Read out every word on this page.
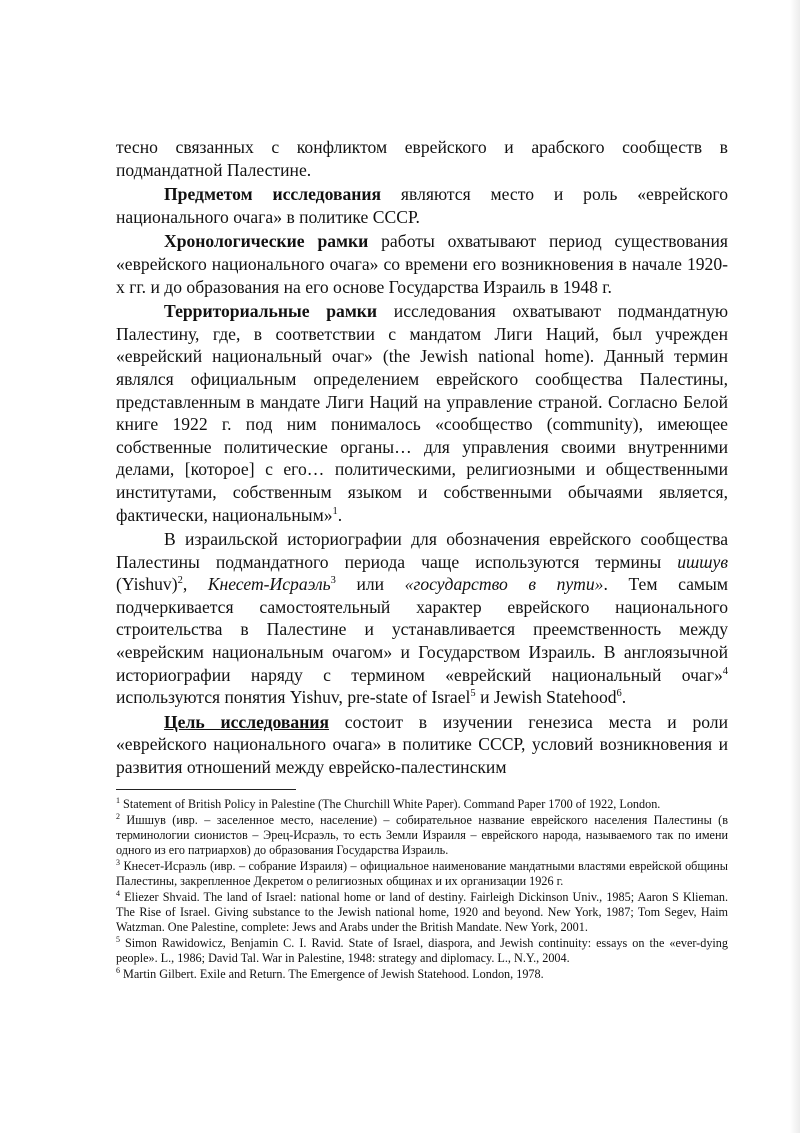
тесно связанных с конфликтом еврейского и арабского сообществ в подмандатной Палестине.

Предметом исследования являются место и роль «еврейского национального очага» в политике СССР.

Хронологические рамки работы охватывают период существования «еврейского национального очага» со времени его возникновения в начале 1920-х гг. и до образования на его основе Государства Израиль в 1948 г.

Территориальные рамки исследования охватывают подмандатную Палестину, где, в соответствии с мандатом Лиги Наций, был учрежден «еврейский национальный очаг» (the Jewish national home). Данный термин являлся официальным определением еврейского сообщества Палестины, представленным в мандате Лиги Наций на управление страной. Согласно Белой книге 1922 г. под ним понималось «сообщество (community), имеющее собственные политические органы… для управления своими внутренними делами, [которое] с его… политическими, религиозными и общественными институтами, собственным языком и собственными обычаями является, фактически, национальным»$^1$.

В израильской историографии для обозначения еврейского сообщества Палестины подмандатного периода чаще используются термины ишшув (Yishuv)$^2$, Кнесет-Исраэль$^3$ или «государство в пути». Тем самым подчеркивается самостоятельный характер еврейского национального строительства в Палестине и устанавливается преемственность между «еврейским национальным очагом» и Государством Израиль. В англоязычной историографии наряду с термином «еврейский национальный очаг»$^4$ используются понятия Yishuv, pre-state of Israel$^5$ и Jewish Statehood$^6$.

Цель исследования состоит в изучении генезиса места и роли «еврейского национального очага» в политике СССР, условий возникновения и развития отношений между еврейско-палестинским

$^1$ Statement of British Policy in Palestine (The Churchill White Paper). Command Paper 1700 of 1922, London.

$^2$ Ишшув (ивр. – заселенное место, население) – собирательное название еврейского населения Палестины (в терминологии сионистов – Эрец-Исраэль, то есть Земли Израиля – еврейского народа, называемого так по имени одного из его патриархов) до образования Государства Израиль.

$^3$ Кнесет-Исраэль (ивр. – собрание Израиля) – официальное наименование мандатными властями еврейской общины Палестины, закрепленное Декретом о религиозных общинах и их организации 1926 г.

$^4$ Eliezer Shvaid. The land of Israel: national home or land of destiny. Fairleigh Dickinson Univ., 1985; Aaron S Klieman. The Rise of Israel. Giving substance to the Jewish national home, 1920 and beyond. New York, 1987; Tom Segev, Haim Watzman. One Palestine, complete: Jews and Arabs under the British Mandate. New York, 2001.

$^5$ Simon Rawidowicz, Benjamin C. I. Ravid. State of Israel, diaspora, and Jewish continuity: essays on the «ever-dying people». L., 1986; David Tal. War in Palestine, 1948: strategy and diplomacy. L., N.Y., 2004.

$^6$ Martin Gilbert. Exile and Return. The Emergence of Jewish Statehood. London, 1978.
